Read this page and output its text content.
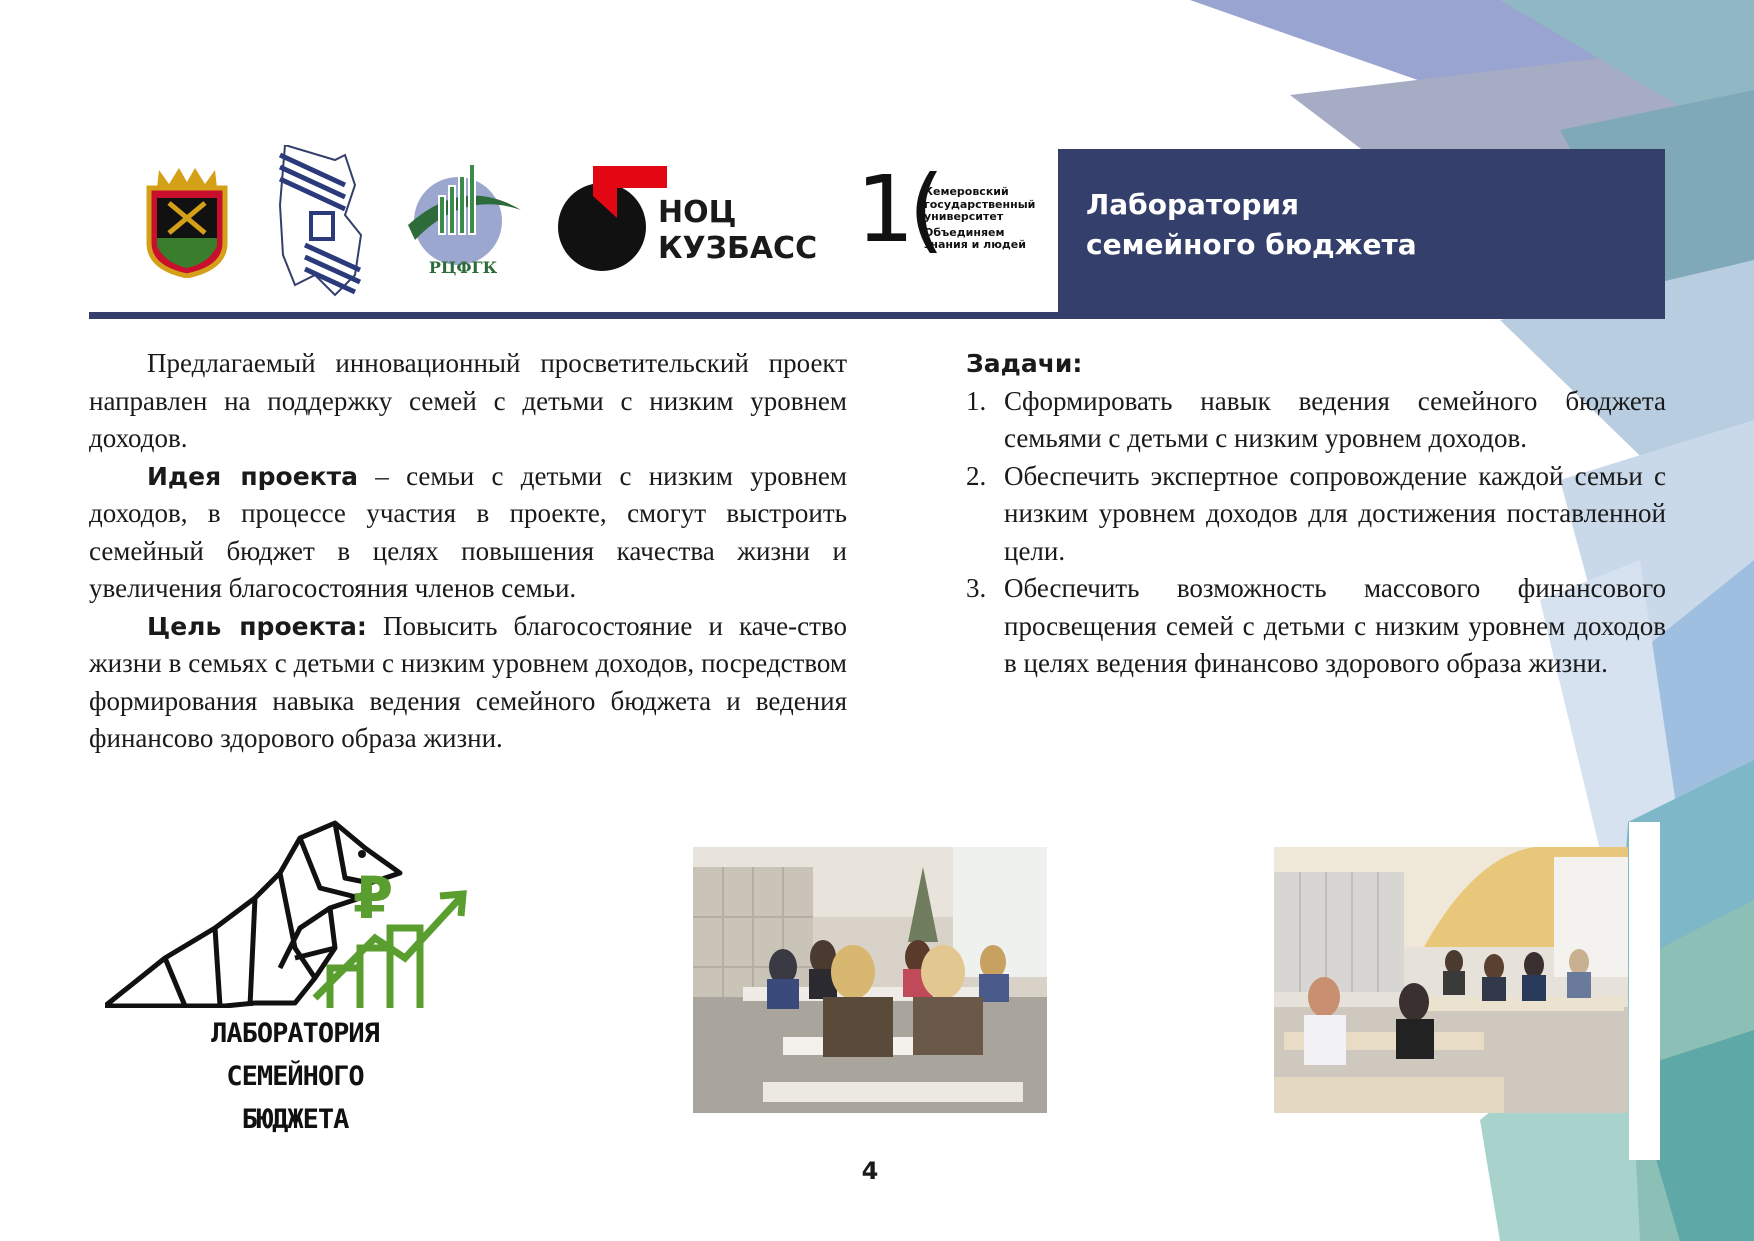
РЦФГК
НОЦ
КУЗБАСС 1(
Кемеровский
государственный
университет
Объединяем
знания и людей
Лаборатория
семейного бюджета

Предлагаемый инновационный просветительский проект направлен на поддержку семей с детьми с низким уровнем доходов.

Идея проекта – семьи с детьми с низким уровнем доходов, в процессе участия в проекте, смогут выстроить семейный бюджет в целях повышения качества жизни и увеличения благосостояния членов семьи.

Цель проекта: Повысить благосостояние и каче-ство жизни в семьях с детьми с низким уровнем доходов, посредством формирования навыка ведения семейного бюджета и ведения финансово здорового образа жизни.

Задачи:
1. Сформировать навык ведения семейного бюджета семьями с детьми с низким уровнем доходов.
2. Обеспечить экспертное сопровождение каждой семьи с низким уровнем доходов для достижения поставленной цели.
3. Обеспечить возможность массового финансового просвещения семей с детьми с низким уровнем доходов в целях ведения финансово здорового образа жизни.
₽
ЛАБОРАТОРИЯ
СЕМЕЙНОГО
БЮДЖЕТА
4
